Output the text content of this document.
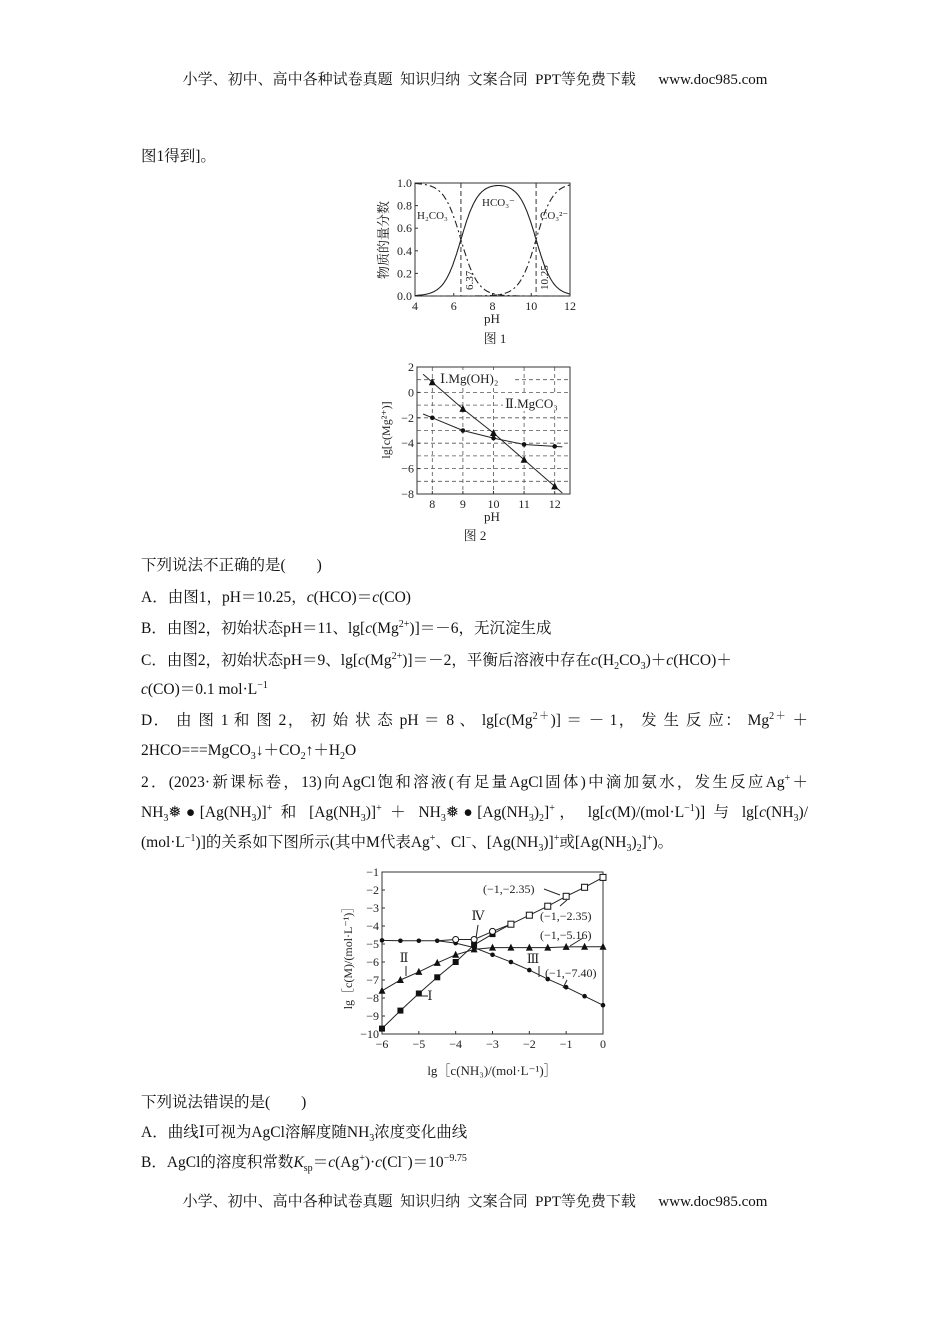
小学、初中、高中各种试卷真题  知识归纳  文案合同  PPT等免费下载      www.doc985.com
图1得到]。
4	6	8 10 12
0.0
0.2
0.4
0.6
0.8
1.0
6.37	10.25
H₂CO₃
HCO₃⁻
CO₃²⁻
pH
物质的量分数
图 1
8 9 10 11 12
−8
−6
−4
−2
0
2
Ⅰ.Mg(OH)₂
Ⅱ.MgCO₃
pH
lg[c(Mg²⁺)]
图 2
−6 −5 −4 −3 −2 −1 0
−10
−9
−8
−7
−6
−5
−4
−3
−2
−1
(−1,−2.35)
(−1,−2.35)
(−1,−5.16)
(−1,−7.40)
Ⅰ
Ⅱ	Ⅲ
Ⅳ
lg［c(NH₃)/(mol·L⁻¹)］
lg［c(M)/(mol·L⁻¹)］
下列说法不正确的是(　　)
A．由图1，pH＝10.25，c(HCO)＝c(CO)
B．由图2，初始状态pH＝11、$\lg[c(Mg^{2+})]=-6$，无沉淀生成
C．由图2，初始状态pH＝9、$\lg[c(Mg^{2+})]=-2$，平衡后溶液中存在$c(H_2CO_3)+c(HCO)+$
c(CO)＝0.1 $mol\cdot L^{-1}$
D． 由 图 1 和 图 2， 初 始 状 态 pH ＝ 8 、 $\lg[c(Mg^{2+})]$ ＝ － 1， 发 生 反 应： $Mg^{2+}$ ＋
$2HCO===MgCO_3↓+CO_2↑+H_2O$
2．(2023·新课标卷，13)向AgCl饱和溶液(有足量AgCl固体)中滴加氨水，发生反应Ag+＋
$NH_3❅●[Ag(NH_3)]^+$ 和 $[Ag(NH_3)]^+$ ＋ $NH_3❅●[Ag(NH_3)_2]^+$， $\lg[c(M)/(mol\cdot L^{-1})]$ 与 $\lg[c(NH_3)/$
$(mol\cdot L^{-1})$]的关系如下图所示(其中M代表Ag+、Cl−、$[Ag(NH_3)]^+$或$[Ag(NH_3)_2]^+$)。
下列说法错误的是(　　)
A．曲线Ⅰ可视为AgCl溶解度随$NH_3$浓度变化曲线
B．AgCl的溶度积常数$K_{sp}=c(Ag^+)\cdot c(Cl^-)=10^{-9.75}$
小学、初中、高中各种试卷真题  知识归纳  文案合同  PPT等免费下载      www.doc985.com
